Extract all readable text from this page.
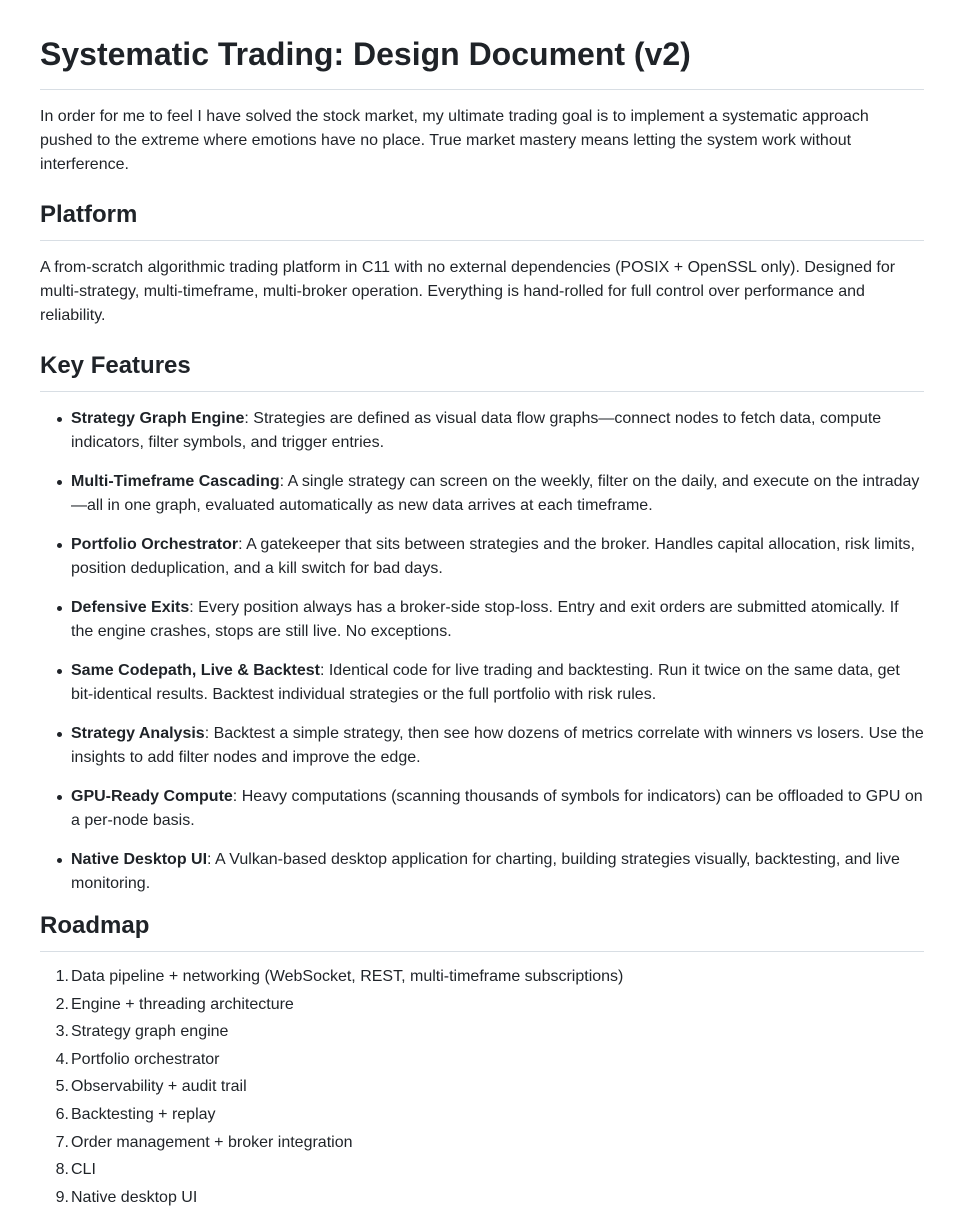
Systematic Trading: Design Document (v2)

In order for me to feel I have solved the stock market, my ultimate trading goal is to implement a systematic approach pushed to the extreme where emotions have no place. True market mastery means letting the system work without interference.

Platform

A from-scratch algorithmic trading platform in C11 with no external dependencies (POSIX + OpenSSL only). Designed for multi-strategy, multi-timeframe, multi-broker operation. Everything is hand-rolled for full control over performance and reliability.

Key Features
Strategy Graph Engine: Strategies are defined as visual data flow graphs—connect nodes to fetch data, compute indicators, filter symbols, and trigger entries.
Multi-Timeframe Cascading: A single strategy can screen on the weekly, filter on the daily, and execute on the intraday—all in one graph, evaluated automatically as new data arrives at each timeframe.
Portfolio Orchestrator: A gatekeeper that sits between strategies and the broker. Handles capital allocation, risk limits, position deduplication, and a kill switch for bad days.
Defensive Exits: Every position always has a broker-side stop-loss. Entry and exit orders are submitted atomically. If the engine crashes, stops are still live. No exceptions.
Same Codepath, Live & Backtest: Identical code for live trading and backtesting. Run it twice on the same data, get bit-identical results. Backtest individual strategies or the full portfolio with risk rules.
Strategy Analysis: Backtest a simple strategy, then see how dozens of metrics correlate with winners vs losers. Use the insights to add filter nodes and improve the edge.
GPU-Ready Compute: Heavy computations (scanning thousands of symbols for indicators) can be offloaded to GPU on a per-node basis.
Native Desktop UI: A Vulkan-based desktop application for charting, building strategies visually, backtesting, and live monitoring.
Roadmap
1. Data pipeline + networking (WebSocket, REST, multi-timeframe subscriptions)
2. Engine + threading architecture
3. Strategy graph engine
4. Portfolio orchestrator
5. Observability + audit trail
6. Backtesting + replay
7. Order management + broker integration
8. CLI
9. Native desktop UI
